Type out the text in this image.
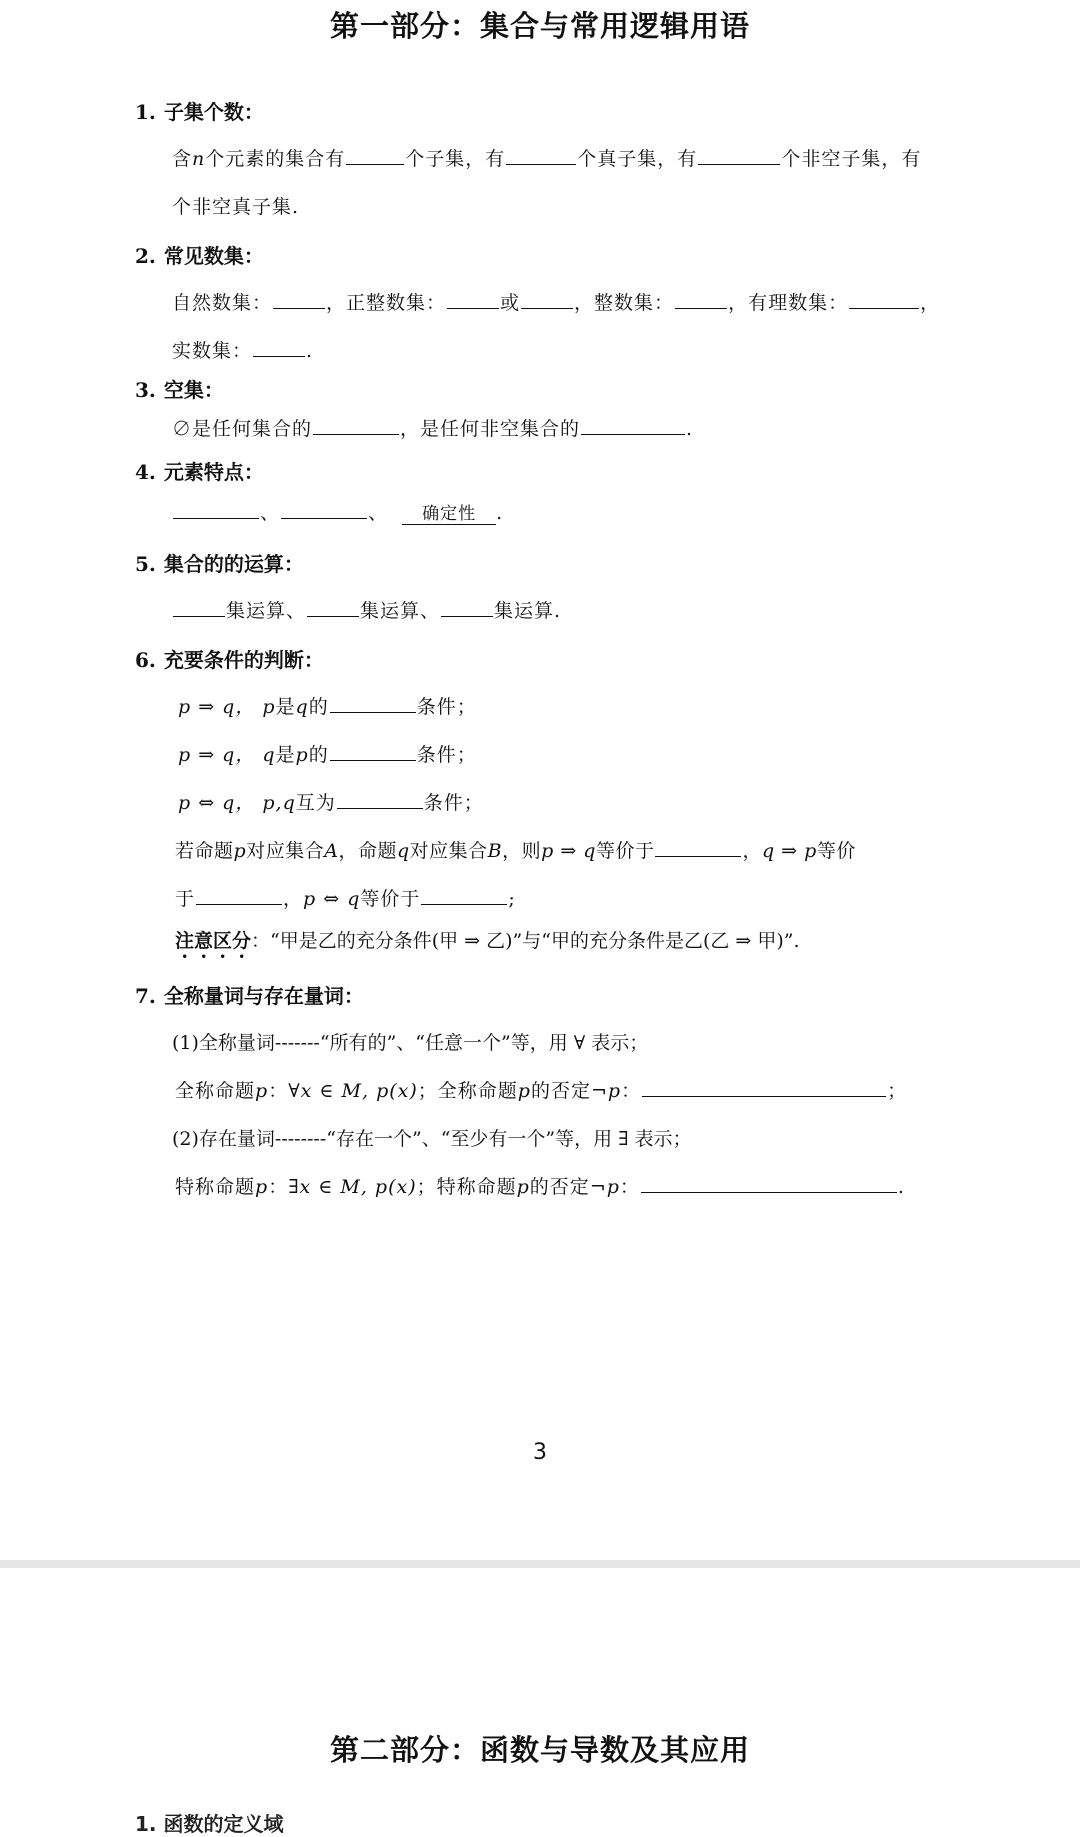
第一部分：集合与常用逻辑用语
1. 子集个数：
含n个元素的集合有	个子集，有	个真子集，有	个非空子集，有
个非空真子集.
2. 常见数集：
自然数集：	，正整数集：	或	，整数集：	，有理数集：	，
实数集：	.
3. 空集：
∅是任何集合的	，是任何非空集合的	.
4. 元素特点：
、	、 确定性 .
5. 集合的的运算：
集运算、	集运算、	集运算.
6. 充要条件的判断：
p ⇒ q， p是q的	条件；
p ⇒ q， q是p的	条件；
p ⇔ q， p,q互为	条件；
若命题p对应集合A，命题q对应集合B，则p ⇒ q等价于	，q ⇒ p等价
于	，p ⇔ q等价于	;
注意区分：“甲是乙的充分条件(甲 ⇒ 乙)”与“甲的充分条件是乙(乙 ⇒ 甲)”.
7. 全称量词与存在量词：
(1)全称量词-------“所有的”、“任意一个”等，用 ∀ 表示；
全称命题p：∀x ∈ M, p(x)；全称命题p的否定¬p：	；
(2)存在量词--------“存在一个”、“至少有一个”等，用 ∃ 表示；
特称命题p：∃x ∈ M, p(x)；特称命题p的否定¬p：	.
3
第二部分：函数与导数及其应用
1. 函数的定义域
